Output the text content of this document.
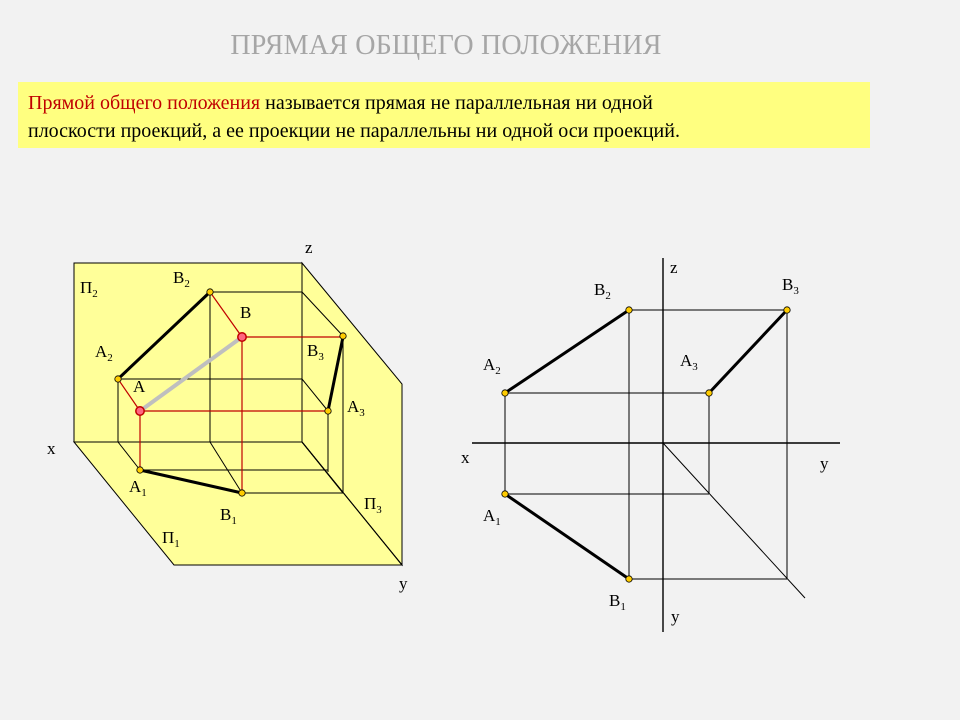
ПРЯМАЯ ОБЩЕГО ПОЛОЖЕНИЯ
Прямой общего положения называется прямая не параллельная ни одной
плоскости проекций, а ее проекции не параллельны ни одной оси проекций.
$П_2$
$П_1$
$П_3$
x
y
z
$B_2$
B
$B_3$
$A_2$
A
$A_3$
$A_1$
$B_1$
z
x	y
y
$B_2$
$B_3$
$A_2$
$A_3$
$A_1$
$B_1$
